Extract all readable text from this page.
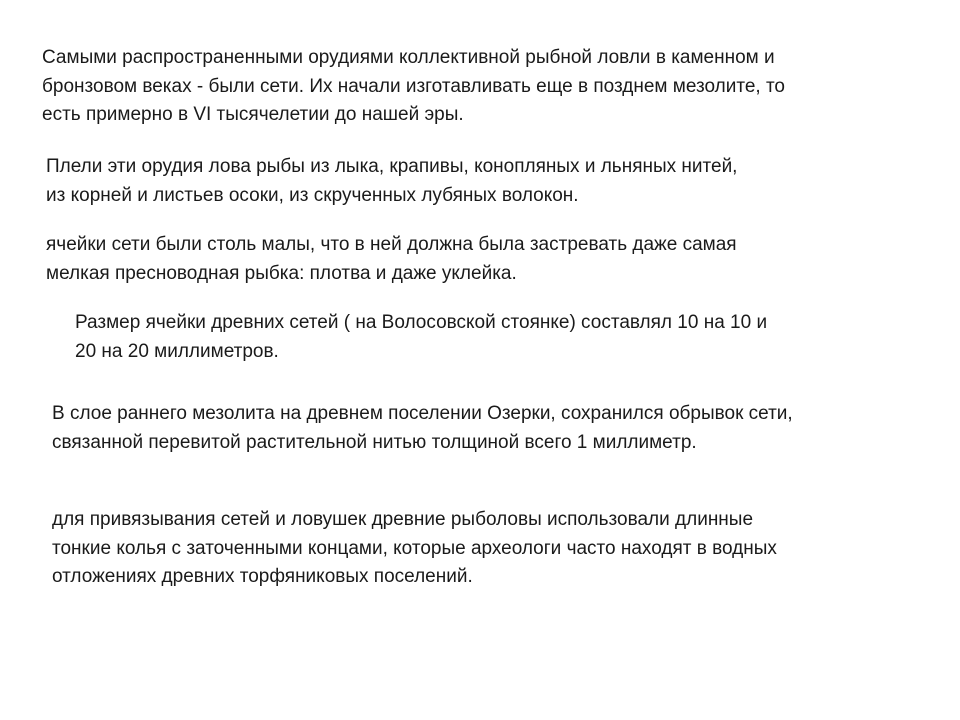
Самыми распространенными орудиями коллективной рыбной ловли в каменном и
бронзовом веках - были сети. Их начали изготавливать еще в позднем мезолите, то
есть примерно в VI тысячелетии до нашей эры.

Плели эти орудия лова рыбы из лыка, крапивы, конопляных и льняных нитей,
из корней и листьев осоки, из скрученных лубяных волокон.

ячейки сети были столь малы, что в ней должна была застревать даже самая
мелкая пресноводная рыбка: плотва и даже уклейка.

Размер ячейки древних сетей ( на Волосовской стоянке) составлял 10 на 10 и
20 на 20 миллиметров.

В слое раннего мезолита на древнем поселении Озерки, сохранился обрывок сети,
связанной перевитой растительной нитью толщиной всего 1 миллиметр.

для привязывания сетей и ловушек древние рыболовы использовали длинные
тонкие колья с заточенными концами, которые археологи часто находят в водных
отложениях древних торфяниковых поселений.
